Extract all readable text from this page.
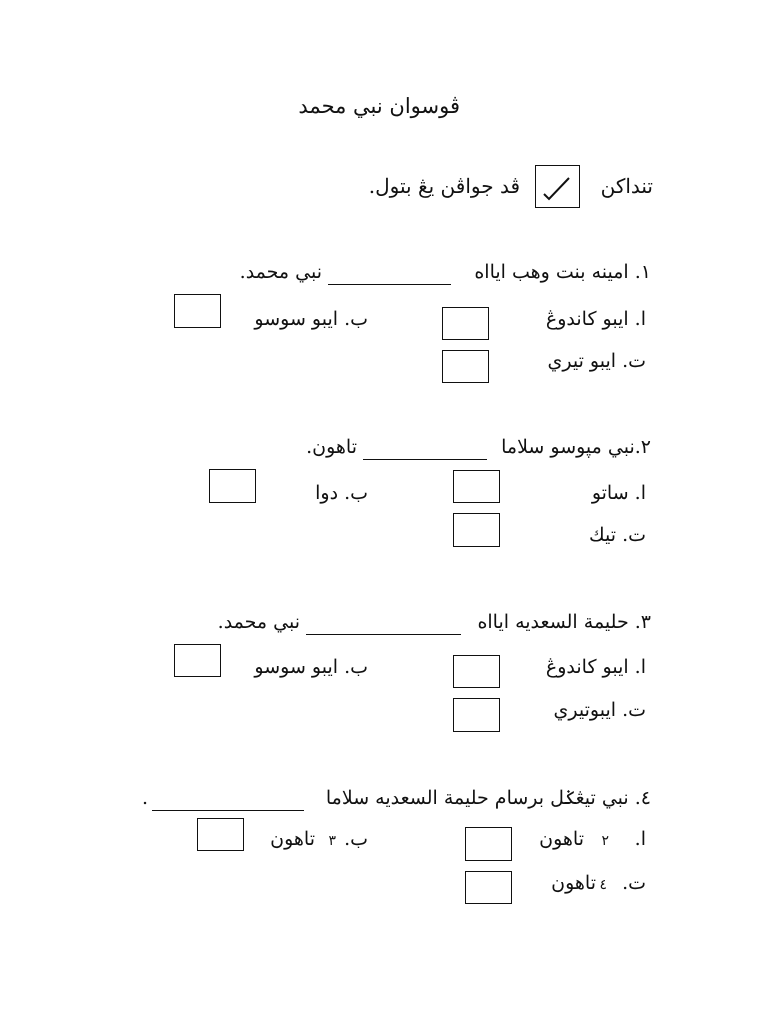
ڤوسوان نبي محمد
تنداکن
ڤد جواڤن يڠ بتول.
١. امينه بنت وهب ايااه
نبي محمد.
ا. ايبو كاندوڠ
ب. ايبو سوسو
ت. ايبو تيري
٢.نبي مپوسو سلاما
تاهون.
ا. ساتو
ب. دوا
ت. تيك
٣. حليمة السعديه ايااه
نبي محمد.
ا. ايبو كاندوڠ
ب. ايبو سوسو
ت. ايبوتيري
٤. نبي تيڠݢل برسام حليمة السعديه سلاما
.
ا.
٢
تاهون
ب.
٣
تاهون
ت.
٤
تاهون
